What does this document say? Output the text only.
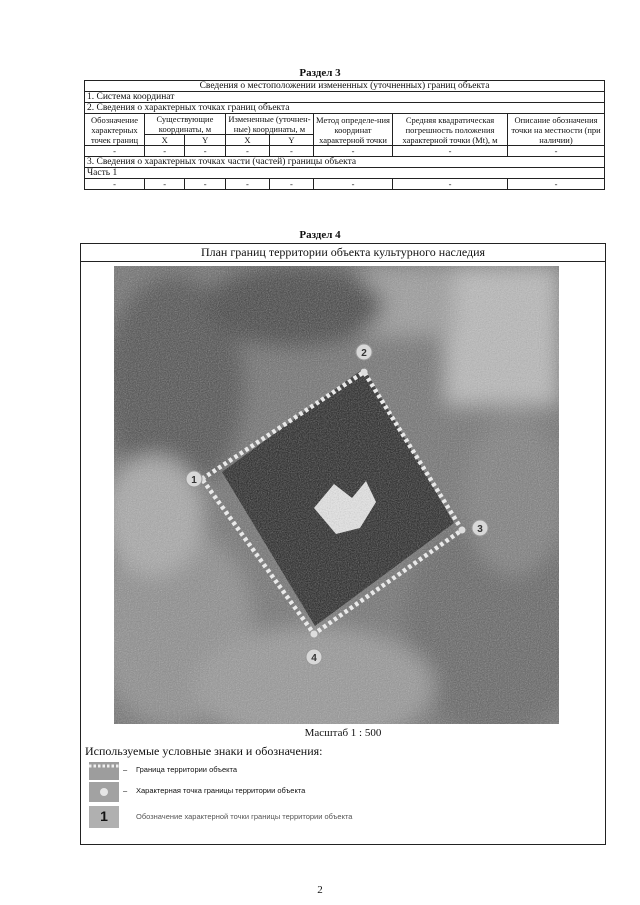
Раздел 3
Сведения о местоположении измененных (уточненных) границ объекта							
1. Система координат							
2. Сведения о характерных точках границ объекта							
Обозначение характерных точек границ	Существующие координаты, м		Измененные (уточнен-ные) координаты, м		Метод определе-ния координат характерной точки	Средняя квадратическая погрешность положения характерной точки (Mt), м	Описание обозначения точки на местности (при наличии)
	X	Y	X	Y			
-	-	-	-	-	-	-	-
3. Сведения о характерных точках части (частей) границы объекта							
Часть 1							
-	-	-	-	-	-	-	-
Раздел 4
План границ территории объекта культурного наследия
1
2
3
4
Масштаб 1 : 500
Используемые условные знаки и обозначения:
– Граница территории объекта
– Характерная точка границы территории объекта
1	Обозначение характерной точки границы территории объекта
2
